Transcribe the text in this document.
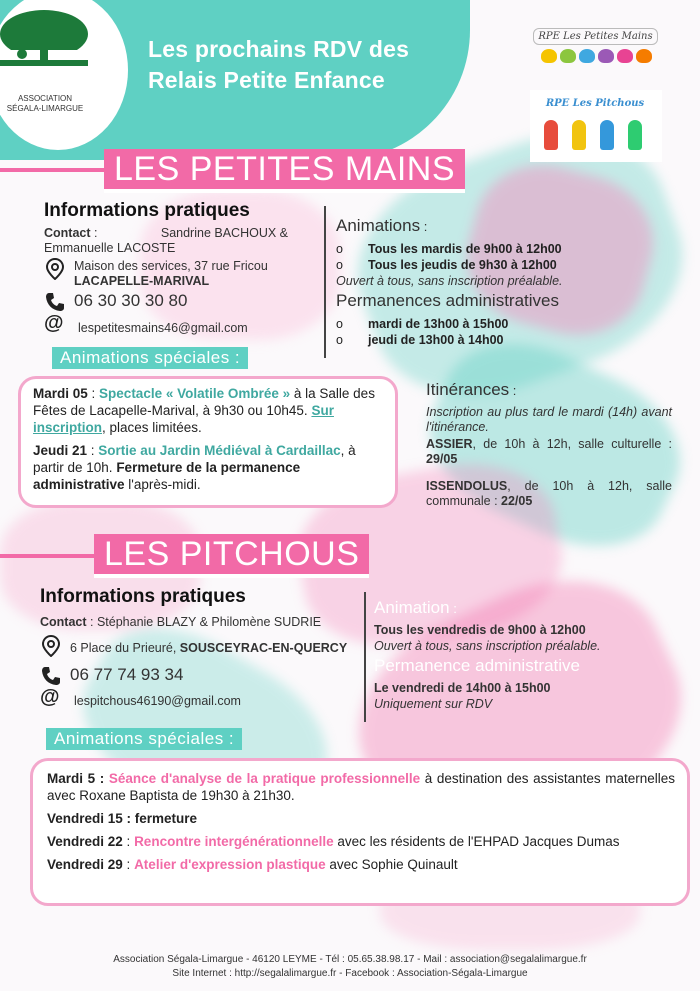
ASSOCIATION
SÉGALA-LIMARGUE
Les prochains RDV des
Relais Petite Enfance
RPE Les Petites Mains
RPE Les Pitchous
LES PETITES MAINS
Informations pratiques
Contact :	Sandrine BACHOUX &

Emmanuelle LACOSTE
Maison des services, 37 rue Fricou
LACAPELLE-MARIVAL
06 30 30 30 80
@ lespetitesmains46@gmail.com
Animations :
o Tous les mardis de 9h00 à 12h00
o Tous les jeudis de 9h30 à 12h00
Ouvert à tous, sans inscription préalable.
Permanences administratives
o mardi de 13h00 à 15h00
o jeudi de 13h00 à 14h00
Animations spéciales :

Mardi 05 : Spectacle « Volatile Ombrée » à la Salle des Fêtes de Lacapelle-Marival, à 9h30 ou 10h45. Sur inscription, places limitées.

Jeudi 21 : Sortie au Jardin Médiéval à Cardaillac, à partir de 10h. Fermeture de la permanence administrative l'après-midi.

Itinérances :
Inscription au plus tard le mardi (14h) avant l'itinérance.
ASSIER, de 10h à 12h, salle culturelle : 29/05
ISSENDOLUS, de 10h à 12h, salle communale : 22/05
LES PITCHOUS
Informations pratiques
Contact : Stéphanie BLAZY & Philomène SUDRIE
6 Place du Prieuré, SOUSCEYRAC-EN-QUERCY
06 77 74 93 34
@ lespitchous46190@gmail.com
Animation :
Tous les vendredis de 9h00 à 12h00
Ouvert à tous, sans inscription préalable.
Permanence administrative
Le vendredi de 14h00 à 15h00
Uniquement sur RDV
Animations spéciales :

Mardi 5 : Séance d'analyse de la pratique professionnelle à destination des assistantes maternelles avec Roxane Baptista de 19h30 à 21h30.

Vendredi 15 : fermeture

Vendredi 22 : Rencontre intergénérationnelle avec les résidents de l'EHPAD Jacques Dumas

Vendredi 29 : Atelier d'expression plastique avec Sophie Quinault

Association Ségala-Limargue - 46120 LEYME - Tél : 05.65.38.98.17 - Mail : association@segalalimargue.fr
Site Internet : http://segalalimargue.fr - Facebook : Association-Ségala-Limargue
